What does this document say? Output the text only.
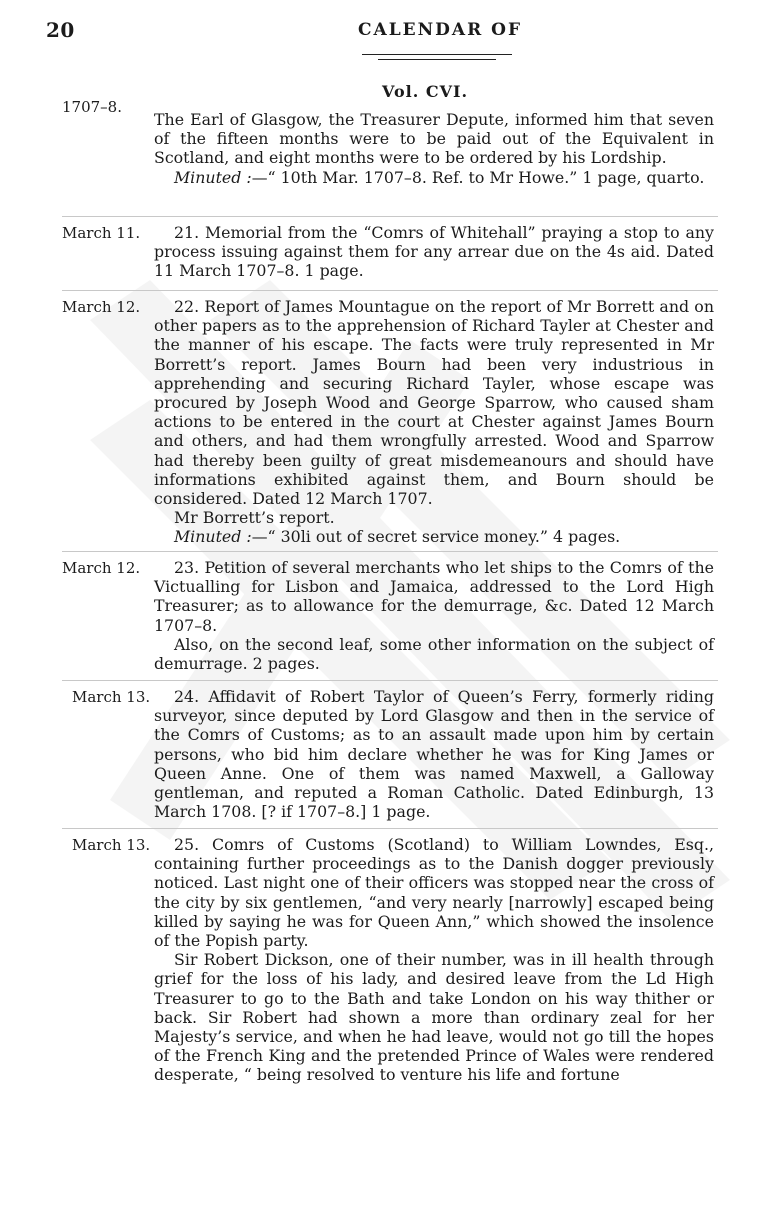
20	CALENDAR OF
Vol. CVI.
1707–8.

The Earl of Glasgow, the Treasurer Depute, informed him that seven of the fifteen months were to be paid out of the Equivalent in Scotland, and eight months were to be ordered by his Lordship.

Minuted :—“ 10th Mar. 1707–8. Ref. to Mr Howe.” 1 page, quarto.

March 11.	21. Memorial from the “Comrs of Whitehall” praying a stop to any process issuing against them for any arrear due on the 4s aid. Dated 11 March 1707–8. 1 page.

March 12.	22. Report of James Mountague on the report of Mr Borrett and on other papers as to the apprehension of Richard Tayler at Chester and the manner of his escape. The facts were truly represented in Mr Borrett’s report. James Bourn had been very industrious in apprehending and securing Richard Tayler, whose escape was procured by Joseph Wood and George Sparrow, who caused sham actions to be entered in the court at Chester against James Bourn and others, and had them wrongfully arrested. Wood and Sparrow had thereby been guilty of great misdemeanours and should have informations exhibited against them, and Bourn should be considered. Dated 12 March 1707.

Mr Borrett’s report.

Minuted :—“ 30li out of secret service money.” 4 pages.

March 12.	23. Petition of several merchants who let ships to the Comrs of the Victualling for Lisbon and Jamaica, addressed to the Lord High Treasurer; as to allowance for the demurrage, &c. Dated 12 March 1707–8.

Also, on the second leaf, some other information on the subject of demurrage. 2 pages.

March 13.	24. Affidavit of Robert Taylor of Queen’s Ferry, formerly riding surveyor, since deputed by Lord Glasgow and then in the service of the Comrs of Customs; as to an assault made upon him by certain persons, who bid him declare whether he was for King James or Queen Anne. One of them was named Maxwell, a Galloway gentleman, and reputed a Roman Catholic. Dated Edinburgh, 13 March 1708. [? if 1707–8.] 1 page.

March 13.	25. Comrs of Customs (Scotland) to William Lowndes, Esq., containing further proceedings as to the Danish dogger previously noticed. Last night one of their officers was stopped near the cross of the city by six gentlemen, “and very nearly [narrowly] escaped being killed by saying he was for Queen Ann,” which showed the insolence of the Popish party.

Sir Robert Dickson, one of their number, was in ill health through grief for the loss of his lady, and desired leave from the Ld High Treasurer to go to the Bath and take London on his way thither or back. Sir Robert had shown a more than ordinary zeal for her Majesty’s service, and when he had leave, would not go till the hopes of the French King and the pretended Prince of Wales were rendered desperate, “ being resolved to venture his life and fortune
